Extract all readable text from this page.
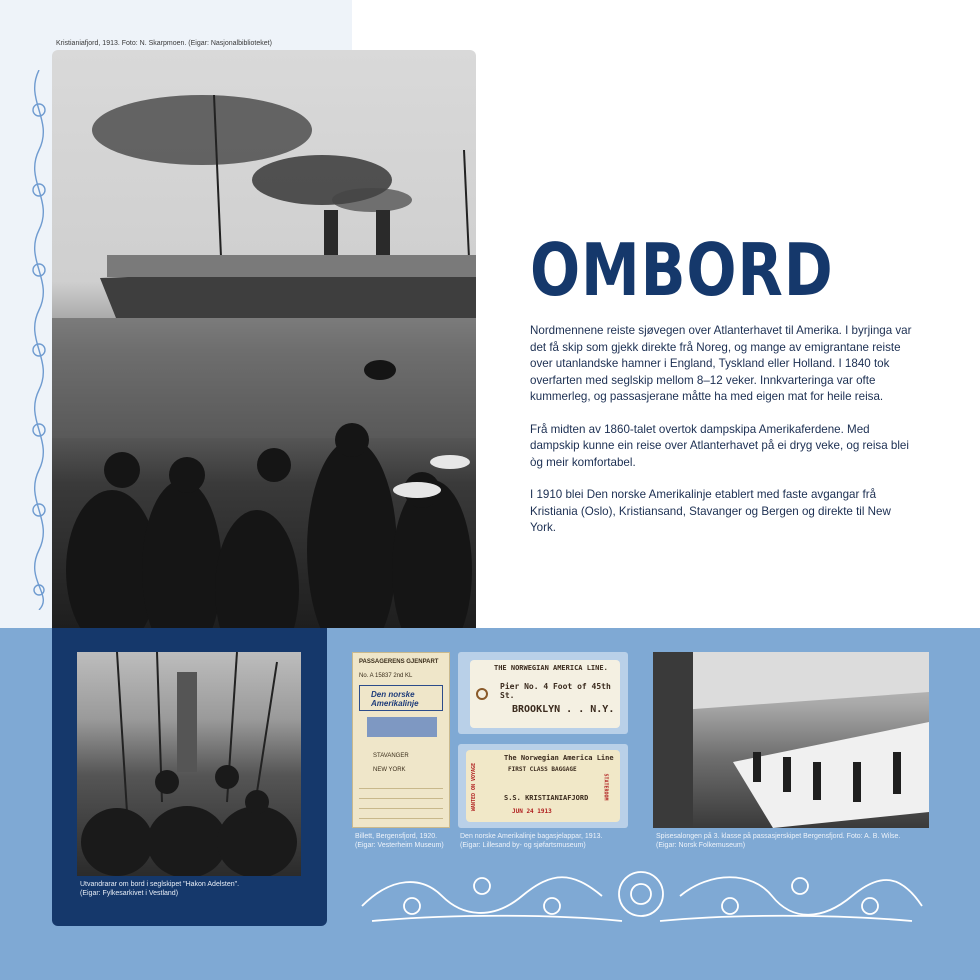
Kristianiafjord, 1913. Foto: N. Skarpmoen. (Eigar: Nasjonalbiblioteket)
OMBORD

Nordmennene reiste sjøvegen over Atlanterhavet til Amerika. I byrjinga var det få skip som gjekk direkte frå Noreg, og mange av emigrantane reiste over utanlandske hamner i England, Tyskland eller Holland. I 1840 tok overfarten med seglskip mellom 8–12 veker. Innkvarteringa var ofte kummerleg, og passasjerane måtte ha med eigen mat for heile reisa.

Frå midten av 1860-talet overtok dampskipa Amerikaferdene. Med dampskip kunne ein reise over Atlanterhavet på ei dryg veke, og reisa blei òg meir komfortabel.

I 1910 blei Den norske Amerikalinje etablert med faste avgangar frå Kristiania (Oslo), Kristiansand, Stavanger og Bergen og direkte til New York.

Utvandrarar om bord i seglskipet "Hakon Adelsten".
(Eigar: Fylkesarkivet i Vestland)
PASSAGERENS GJENPART
No. A 15837 2nd KL
Den norske Amerikalinje
STAVANGER
NEW YORK
Billett, Bergensfjord, 1920.
(Eigar: Vesterheim Museum)
THE NORWEGIAN AMERICA LINE.
Pier No. 4 Foot of 45th St.
BROOKLYN . . N.Y.
The Norwegian America Line
FIRST CLASS BAGGAGE
S.S. KRISTIANIAFJORD
JUN 24 1913
WANTED ON VOYAGE	STATEROOM
Den norske Amerikalinje bagasjelappar, 1913.
(Eigar: Lillesand by- og sjøfartsmuseum)
Spisesalongen på 3. klasse på passasjerskipet Bergensfjord. Foto: A. B. Wilse.
(Eigar: Norsk Folkemuseum)
